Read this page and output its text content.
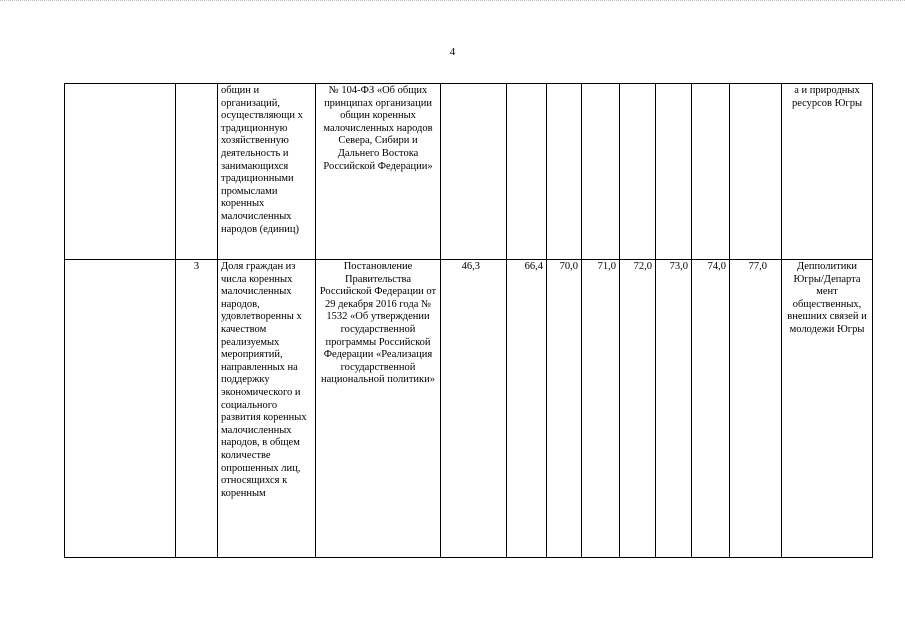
4
		общин и организаций, осуществляющи х традиционную хозяйственную деятельность и занимающихся традиционными промыслами коренных малочисленных народов (единиц)	№ 104-ФЗ «Об общих принципах организации общин коренных малочисленных народов Севера, Сибири и Дальнего Востока Российской Федерации»									а и природных ресурсов Югры
	3	Доля граждан из числа коренных малочисленных народов, удовлетворенны х качеством реализуемых мероприятий, направленных на поддержку экономического и социального развития коренных малочисленных народов, в общем количестве опрошенных лиц, относящихся к коренным	Постановление Правительства Российской Федерации от 29 декабря 2016 года № 1532 «Об утверждении государственной программы Российской Федерации «Реализация государственной национальной политики»	46,3	66,4	70,0	71,0	72,0	73,0	74,0	77,0	Депполитики Югры/Департа мент общественных, внешних связей и молодежи Югры
